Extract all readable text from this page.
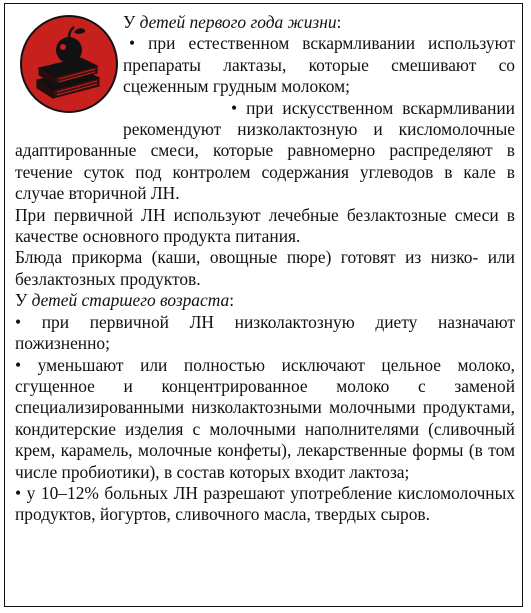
У детей первого года жизни:

• при естественном вскармливании используют препараты лактазы, которые смешивают со сцеженным грудным молоком;

• при искусственном вскармливании рекомендуют низколактозную и кисломолочные адаптированные смеси, которые равномерно распределяют в течение суток под контролем содержания углеводов в кале в случае вторичной ЛН.

При первичной ЛН используют лечебные безлактозные смеси в качестве основного продукта питания.

Блюда прикорма (каши, овощные пюре) готовят из низко- или безлактозных продуктов.

У детей старшего возраста:

• при первичной ЛН низколактозную диету назначают пожизненно;

• уменьшают или полностью исключают цельное молоко, сгущенное и концентрированное молоко с заменой специализированными низколактозными молочными продуктами, кондитерские изделия с молочными наполнителями (сливочный крем, карамель, молочные конфеты), лекарственные формы (в том числе пробиотики), в состав которых входит лактоза;

• у 10–12% больных ЛН разрешают употребление кисломолочных продуктов, йогуртов, сливочного масла, твердых сыров.
